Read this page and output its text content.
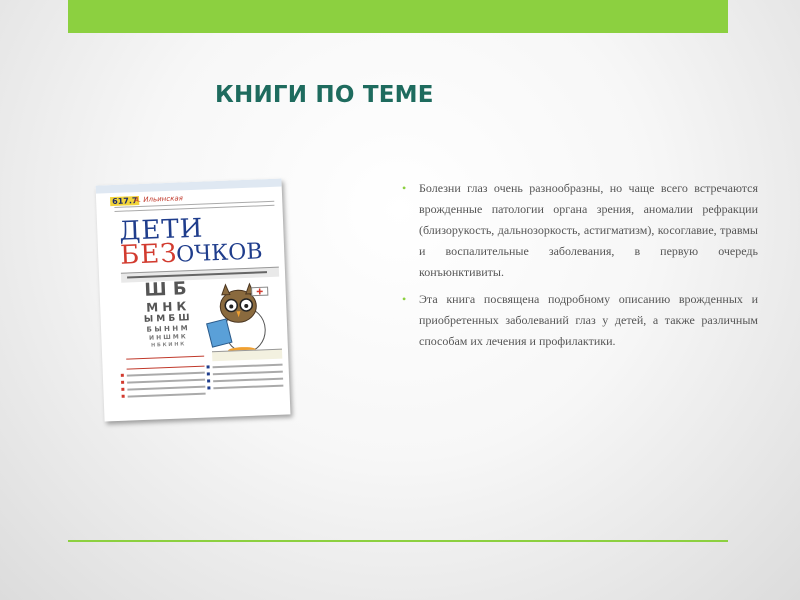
КНИГИ ПО ТЕМЕ
617.7
А. Ильинская
ДЕТИ
БЕЗ
ОЧКОВ
Ш Б
М Н К
Ы М Б Ш
Б Ы Н Н М
И Н Ш М К
Н Б К И Н К
• Болезни глаз очень разнообразны, но чаще всего встречаются врожденные патологии органа зрения, аномалии рефракции (близорукость, дальнозоркость, астигматизм), косоглавие, травмы и воспалительные заболевания, в первую очередь конъюнктивиты.
• Эта книга посвящена подробному описанию врожденных и приобретенных заболеваний глаз у детей, а также различным способам их лечения и профилактики.
